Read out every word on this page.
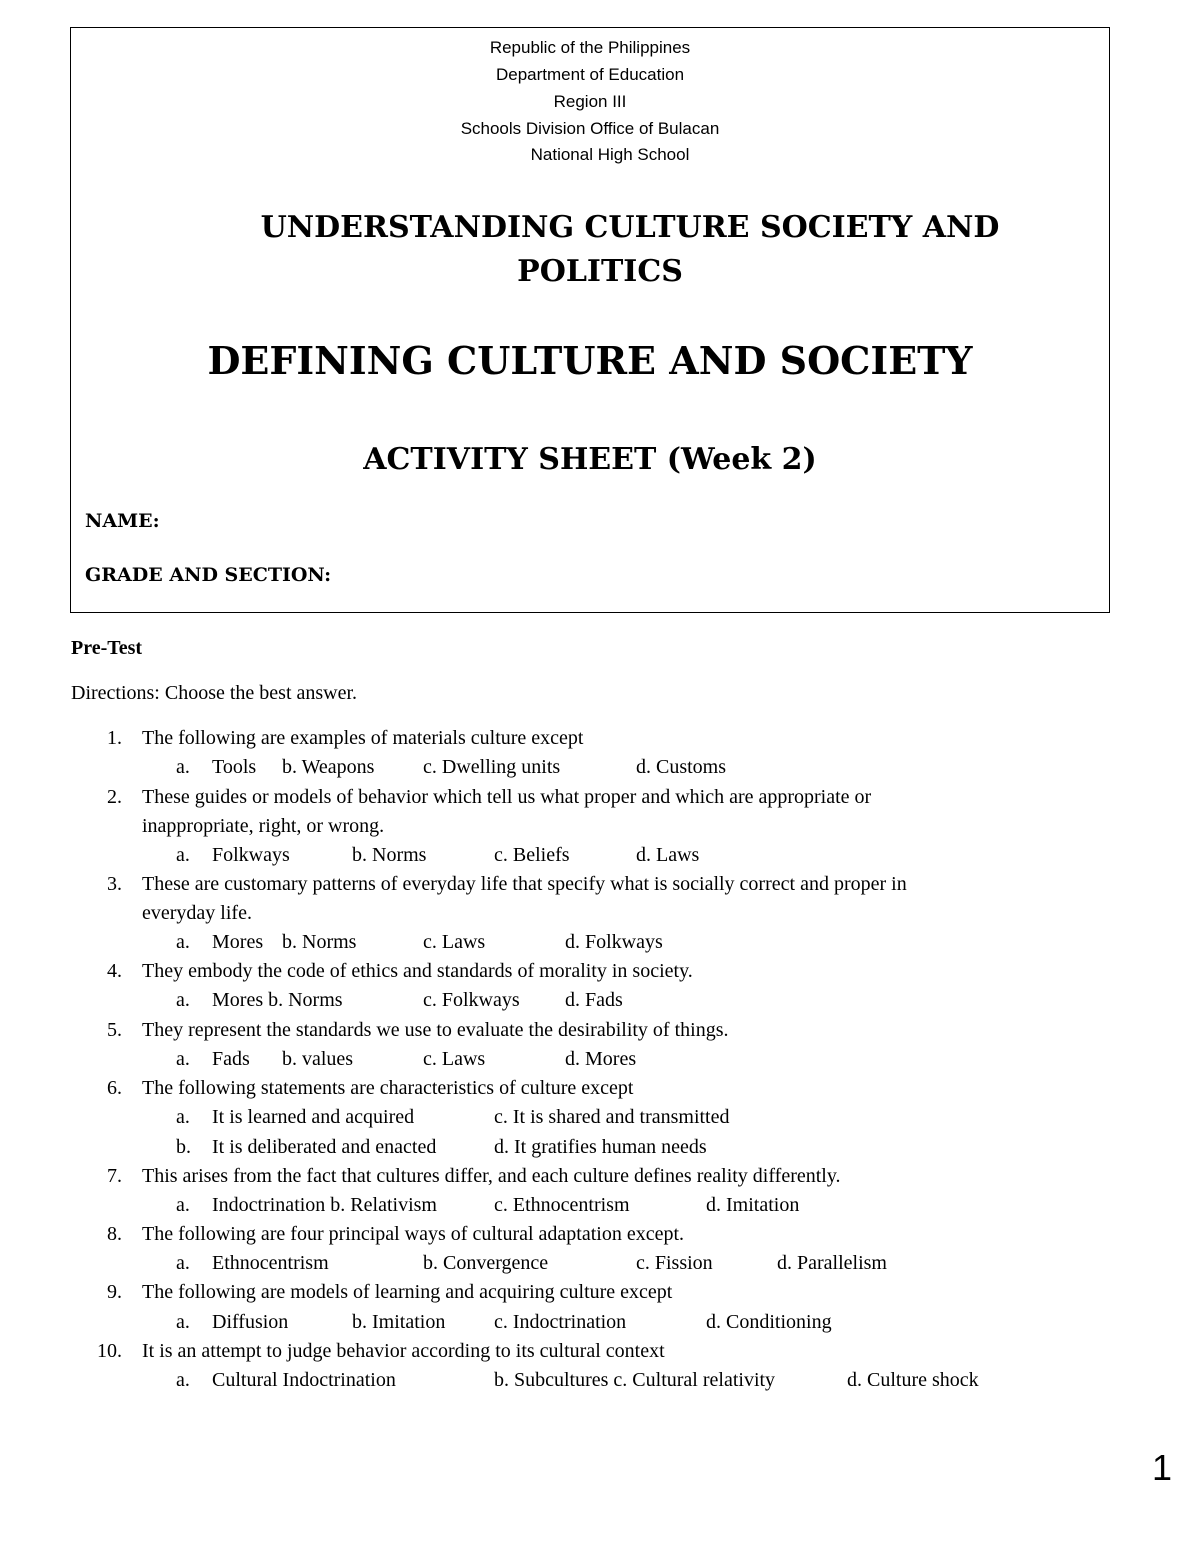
Republic of the Philippines
Department of Education
Region III
Schools Division Office of Bulacan
National High School
UNDERSTANDING CULTURE SOCIETY AND
POLITICS
DEFINING CULTURE AND SOCIETY
ACTIVITY SHEET (Week 2)
NAME:
GRADE AND SECTION:
Pre-Test
Directions: Choose the best answer.
1. The following are examples of materials culture except
a. Tools b. Weapons c. Dwelling units	d. Customs
2. These guides or models of behavior which tell us what proper and which are appropriate or
inappropriate, right, or wrong.
a. Folkways	b. Norms	c. Beliefs	d. Laws
3. These are customary patterns of everyday life that specify what is socially correct and proper in
everyday life.
a. Mores b. Norms	c. Laws	d. Folkways
4. They embody the code of ethics and standards of morality in society.
a. Mores b. Norms	c. Folkways d. Fads
5. They represent the standards we use to evaluate the desirability of things.
a. Fads b. values	c. Laws	d. Mores
6. The following statements are characteristics of culture except
a. It is learned and acquired	c. It is shared and transmitted
b. It is deliberated and enacted	d. It gratifies human needs
7. This arises from the fact that cultures differ, and each culture defines reality differently.
a. Indoctrination b. Relativism	c. Ethnocentrism	d. Imitation
8. The following are four principal ways of cultural adaptation except.
a. Ethnocentrism	b. Convergence	c. Fission	d. Parallelism
9. The following are models of learning and acquiring culture except
a. Diffusion	b. Imitation c. Indoctrination	d. Conditioning
10. It is an attempt to judge behavior according to its cultural context
a. Cultural Indoctrination	b. Subcultures c. Cultural relativity	d. Culture shock
1
